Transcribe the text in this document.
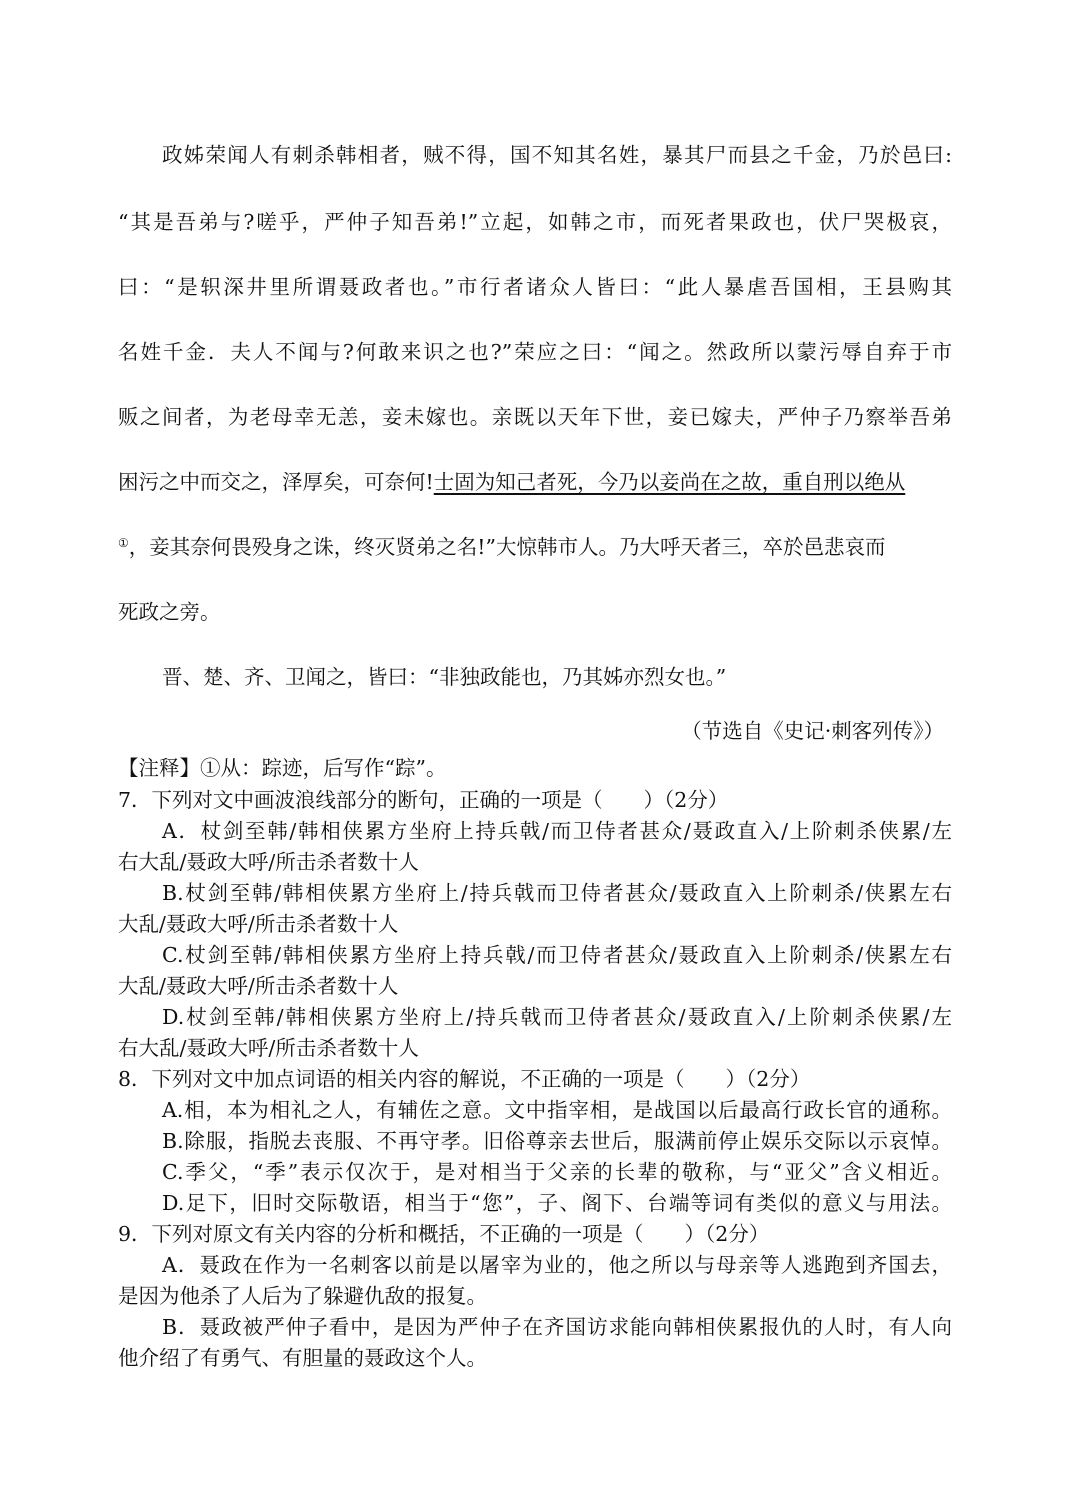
政姊荣闻人有刺杀韩相者，贼不得，国不知其名姓，暴其尸而县之千金，乃於邑曰:
“其是吾弟与?嗟乎，严仲子知吾弟!”立起，如韩之市，而死者果政也，伏尸哭极哀，
曰：“是轵深井里所谓聂政者也。”市行者诸众人皆曰：“此人暴虐吾国相，王县购其
名姓千金．夫人不闻与?何敢来识之也?”荣应之曰：“闻之。然政所以蒙污辱自弃于市
贩之间者，为老母幸无恙，妾未嫁也。亲既以天年下世，妾已嫁夫，严仲子乃察举吾弟
困污之中而交之，泽厚矣，可奈何!士固为知己者死，今乃以妾尚在之故，重自刑以绝从
①，妾其奈何畏殁身之诛，终灭贤弟之名!”大惊韩市人。乃大呼天者三，卒於邑悲哀而
死政之旁。
晋、楚、齐、卫闻之，皆曰：“非独政能也，乃其姊亦烈女也。”
（节选自《史记·刺客列传》）
【注释】①从：踪迹，后写作“踪”。
7．下列对文中画波浪线部分的断句，正确的一项是（　　）（2分）
A．杖剑至韩/韩相侠累方坐府上持兵戟/而卫侍者甚众/聂政直入/上阶刺杀侠累/左
右大乱/聂政大呼/所击杀者数十人
B.杖剑至韩/韩相侠累方坐府上/持兵戟而卫侍者甚众/聂政直入上阶刺杀/侠累左右
大乱/聂政大呼/所击杀者数十人
C.杖剑至韩/韩相侠累方坐府上持兵戟/而卫侍者甚众/聂政直入上阶刺杀/侠累左右
大乱/聂政大呼/所击杀者数十人
D.杖剑至韩/韩相侠累方坐府上/持兵戟而卫侍者甚众/聂政直入/上阶刺杀侠累/左
右大乱/聂政大呼/所击杀者数十人
8．下列对文中加点词语的相关内容的解说，不正确的一项是（　　）（2分）
A.相，本为相礼之人，有辅佐之意。文中指宰相，是战国以后最高行政长官的通称。
B.除服，指脱去丧服、不再守孝。旧俗尊亲去世后，服满前停止娱乐交际以示哀悼。
C.季父，“季”表示仅次于，是对相当于父亲的长辈的敬称，与“亚父”含义相近。
D.足下，旧时交际敬语，相当于“您”，子、阁下、台端等词有类似的意义与用法。
9．下列对原文有关内容的分析和概括，不正确的一项是（　　）（2分）
A．聂政在作为一名刺客以前是以屠宰为业的，他之所以与母亲等人逃跑到齐国去，
是因为他杀了人后为了躲避仇敌的报复。
B．聂政被严仲子看中，是因为严仲子在齐国访求能向韩相侠累报仇的人时，有人向
他介绍了有勇气、有胆量的聂政这个人。
